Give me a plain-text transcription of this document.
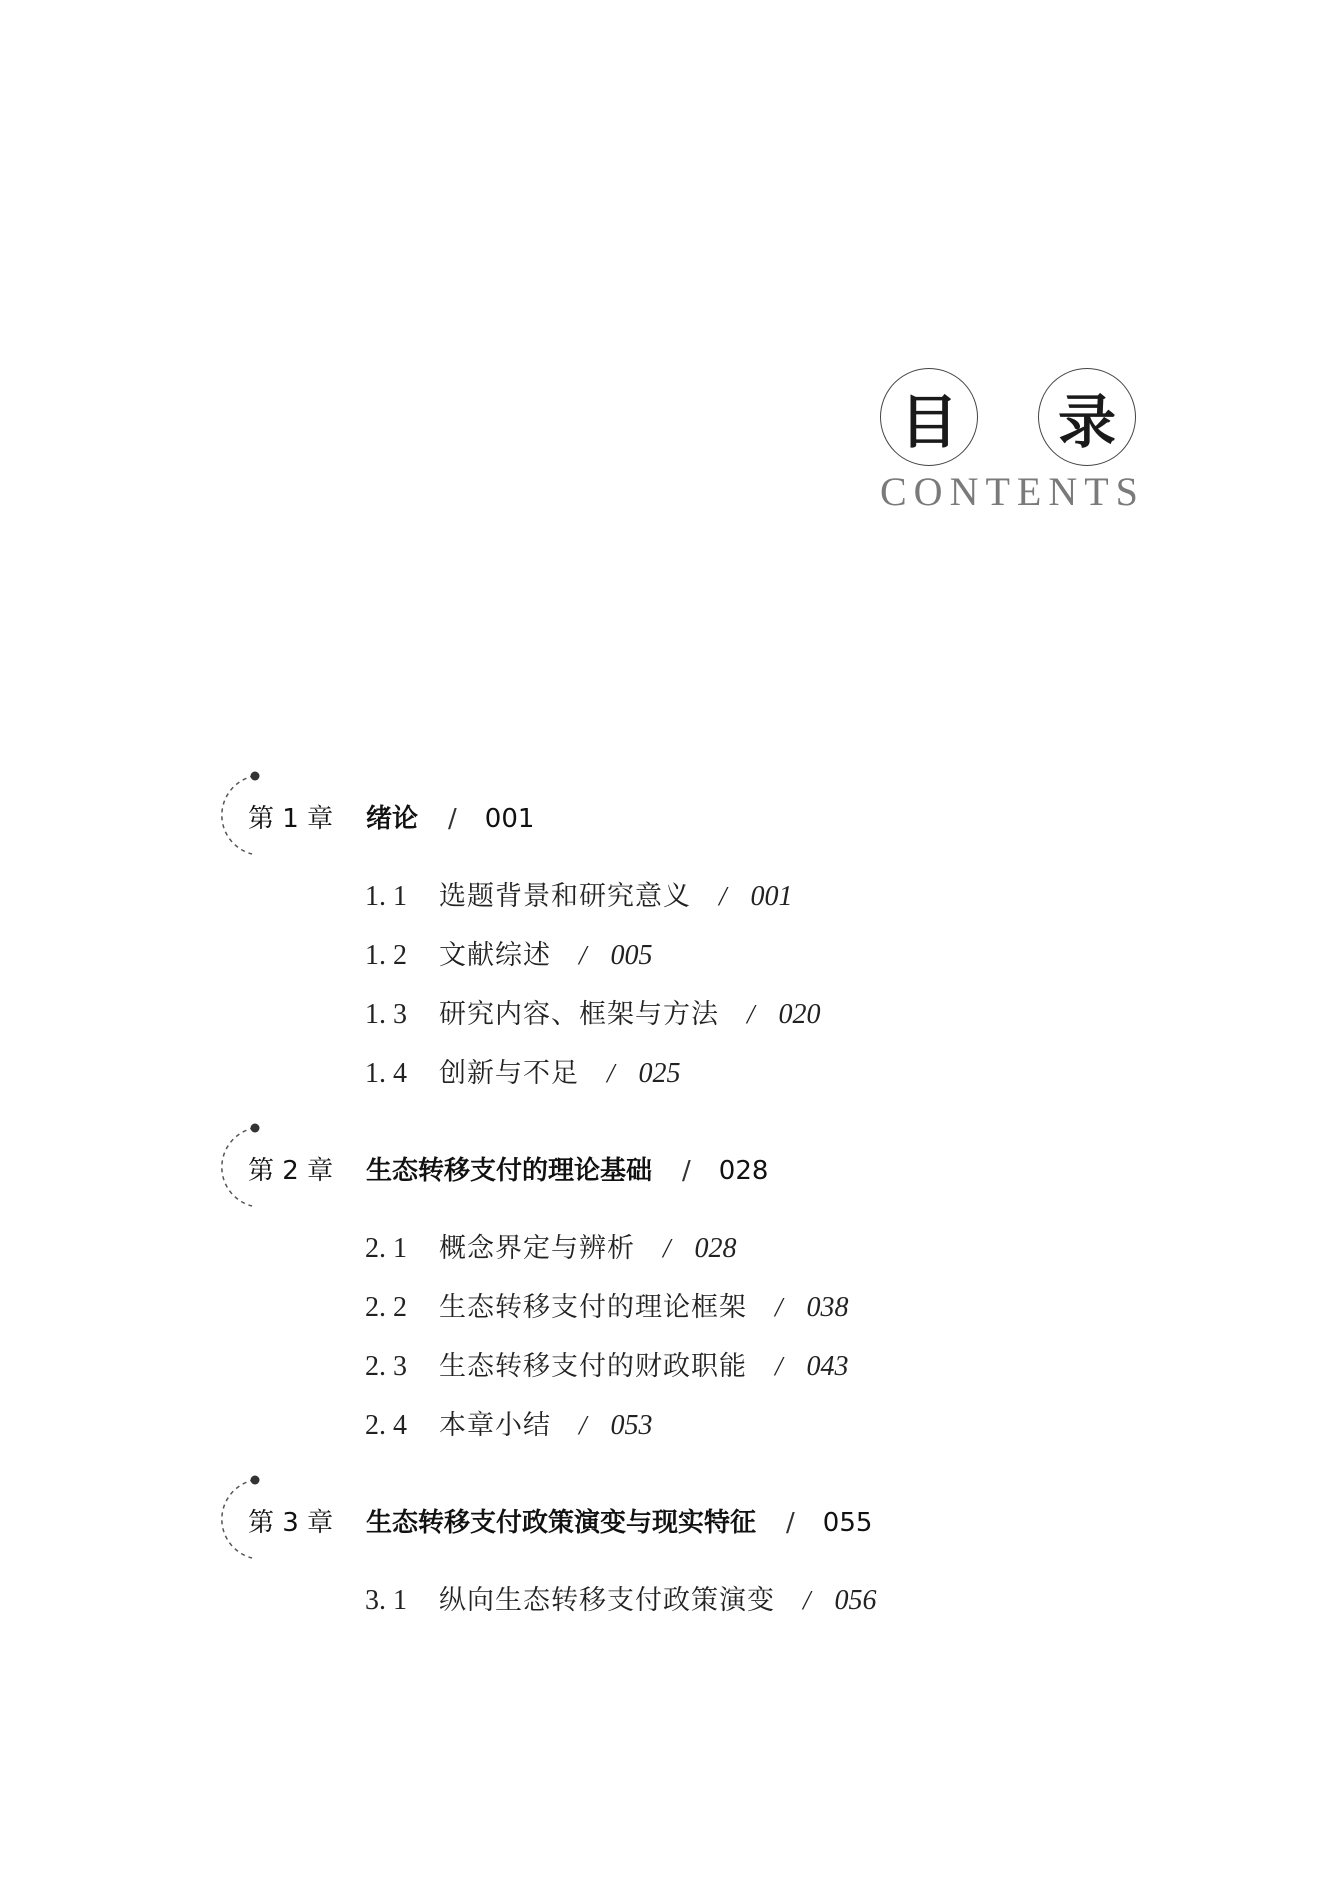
目 录
CONTENTS
第 1 章 绪论 / 001
1. 1 选题背景和研究意义 / 001
1. 2 文献综述 / 005
1. 3 研究内容、框架与方法 / 020
1. 4 创新与不足 / 025
第 2 章 生态转移支付的理论基础 / 028
2. 1 概念界定与辨析 / 028
2. 2 生态转移支付的理论框架 / 038
2. 3 生态转移支付的财政职能 / 043
2. 4 本章小结 / 053
第 3 章 生态转移支付政策演变与现实特征 / 055
3. 1 纵向生态转移支付政策演变 / 056
